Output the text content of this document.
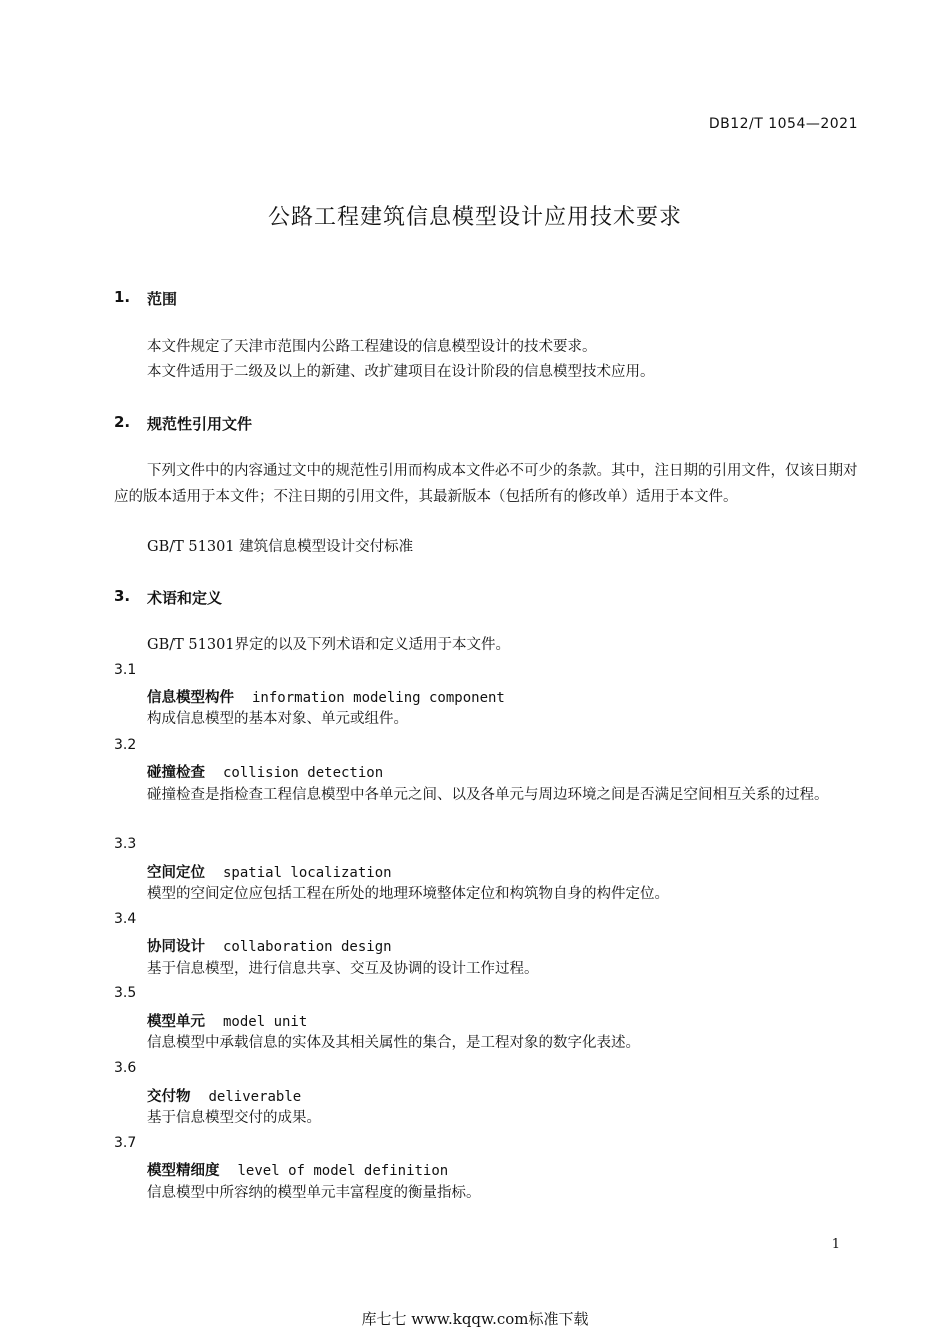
DB12/T 1054—2021
公路工程建筑信息模型设计应用技术要求
1. 范围
本文件规定了天津市范围内公路工程建设的信息模型设计的技术要求。
本文件适用于二级及以上的新建、改扩建项目在设计阶段的信息模型技术应用。
2. 规范性引用文件
下列文件中的内容通过文中的规范性引用而构成本文件必不可少的条款。其中，注日期的引用文件，仅该日期对应的版本适用于本文件；不注日期的引用文件，其最新版本（包括所有的修改单）适用于本文件。
GB/T 51301 建筑信息模型设计交付标准
3. 术语和定义
GB/T 51301界定的以及下列术语和定义适用于本文件。
3.1
信息模型构件 information modeling component
构成信息模型的基本对象、单元或组件。
3.2
碰撞检查 collision detection
碰撞检查是指检查工程信息模型中各单元之间、以及各单元与周边环境之间是否满足空间相互关系的过程。
3.3
空间定位 spatial localization
模型的空间定位应包括工程在所处的地理环境整体定位和构筑物自身的构件定位。
3.4
协同设计 collaboration design
基于信息模型，进行信息共享、交互及协调的设计工作过程。
3.5
模型单元 model unit
信息模型中承载信息的实体及其相关属性的集合，是工程对象的数字化表述。
3.6
交付物 deliverable
基于信息模型交付的成果。
3.7
模型精细度 level of model definition
信息模型中所容纳的模型单元丰富程度的衡量指标。
1
库七七 www.kqqw.com标准下载
